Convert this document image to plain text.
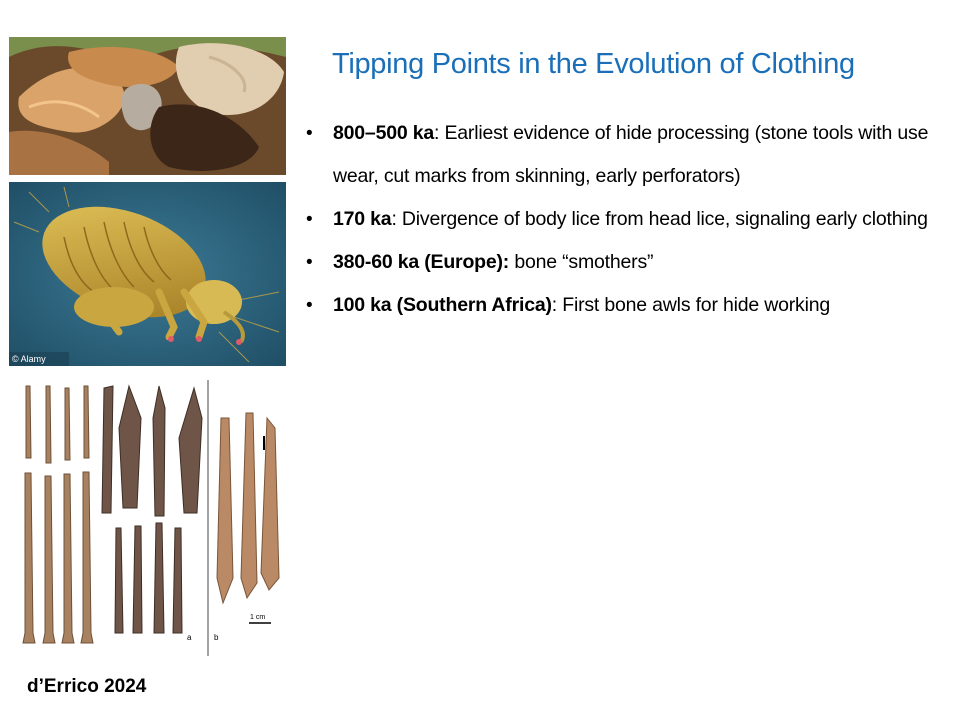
Tipping Points in the Evolution of Clothing
• 800–500 ka: Earliest evidence of hide processing (stone tools with use wear, cut marks from skinning, early perforators)
• 170 ka: Divergence of body lice from head lice, signaling early clothing
• 380-60 ka (Europe): bone “smothers”
• 100 ka (Southern Africa): First bone awls for hide working
© Alamy
a	b
1 cm
d’Errico 2024
